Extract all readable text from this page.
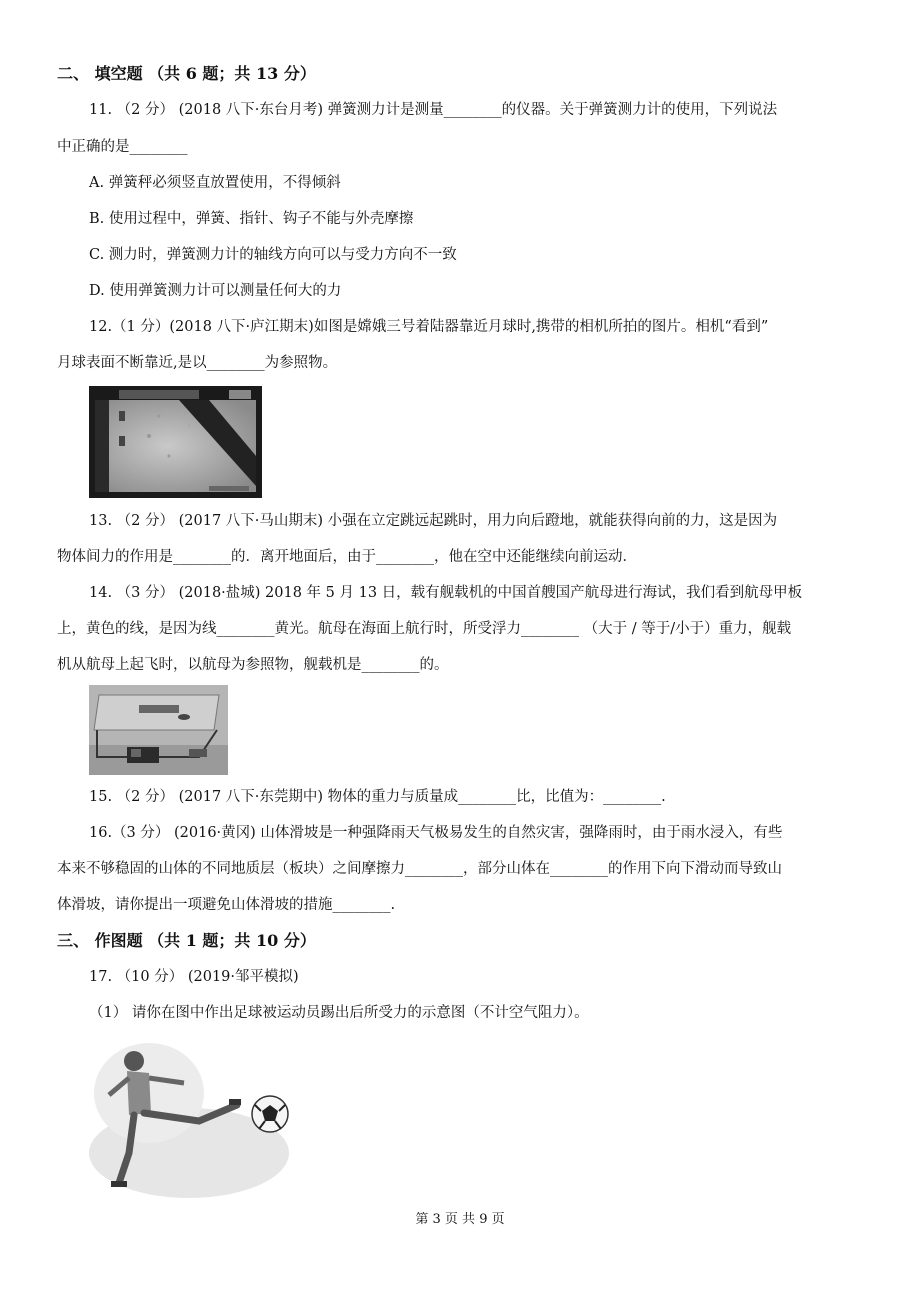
二、 填空题 （共 6 题；共 13 分）
11. （2 分） (2018 八下·东台月考) 弹簧测力计是测量________的仪器。关于弹簧测力计的使用，下列说法
中正确的是________
A. 弹簧秤必须竖直放置使用，不得倾斜
B. 使用过程中，弹簧、指针、钩子不能与外壳摩擦
C. 测力时，弹簧测力计的轴线方向可以与受力方向不一致
D. 使用弹簧测力计可以测量任何大的力
12.（1 分）(2018 八下·庐江期末)如图是嫦娥三号着陆器靠近月球时,携带的相机所拍的图片。相机“看到”
月球表面不断靠近,是以________为参照物。
13. （2 分） (2017 八下·马山期末) 小强在立定跳远起跳时，用力向后蹬地，就能获得向前的力，这是因为
物体间力的作用是________的．离开地面后，由于________，他在空中还能继续向前运动．
14. （3 分） (2018·盐城) 2018 年 5 月 13 日，载有舰载机的中国首艘国产航母进行海试，我们看到航母甲板
上，黄色的线，是因为线________黄光。航母在海面上航行时，所受浮力________ （大于 / 等于/小于）重力，舰载
机从航母上起飞时，以航母为参照物，舰载机是________的。
15. （2 分） (2017 八下·东莞期中) 物体的重力与质量成________比，比值为：________.
16.（3 分） (2016·黄冈) 山体滑坡是一种强降雨天气极易发生的自然灾害，强降雨时，由于雨水浸入，有些
本来不够稳固的山体的不同地质层（板块）之间摩擦力________，部分山体在________的作用下向下滑动而导致山
体滑坡，请你提出一项避免山体滑坡的措施________.
三、 作图题 （共 1 题；共 10 分）
17. （10 分） (2019·邹平模拟)
（1） 请你在图中作出足球被运动员踢出后所受力的示意图（不计空气阻力）。
第 3 页 共 9 页
